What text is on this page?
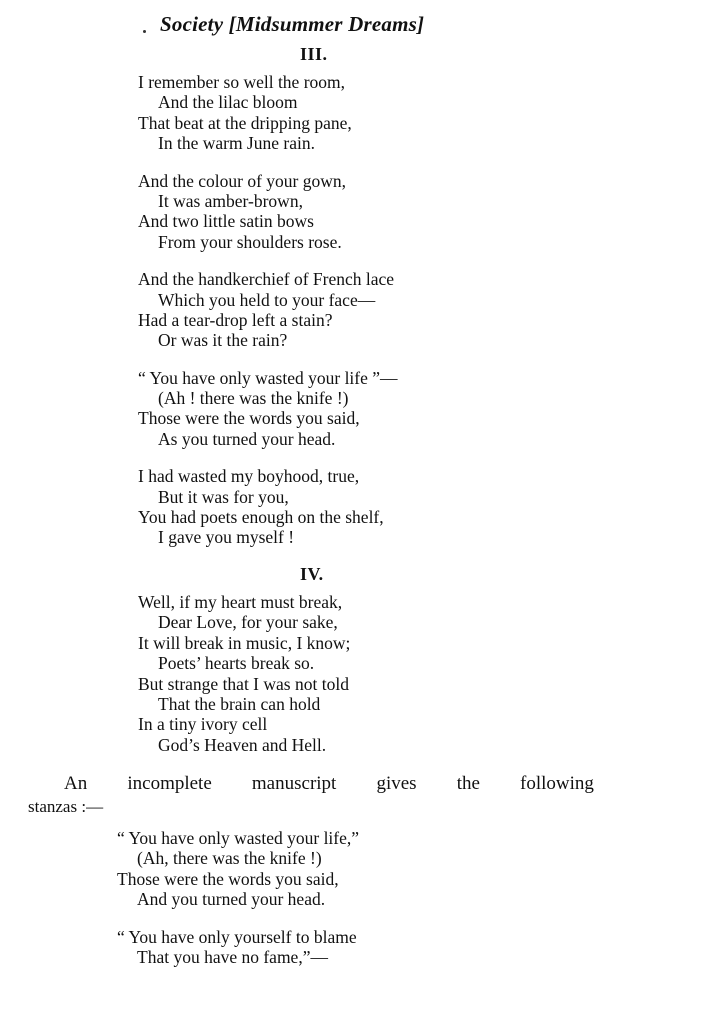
Society [Midsummer Dreams]
III.
I remember so well the room,
And the lilac bloom
That beat at the dripping pane,
In the warm June rain.
And the colour of your gown,
It was amber-brown,
And two little satin bows
From your shoulders rose.
And the handkerchief of French lace
Which you held to your face—
Had a tear-drop left a stain?
Or was it the rain?
“ You have only wasted your life ”—
(Ah ! there was the knife !)
Those were the words you said,
As you turned your head.
I had wasted my boyhood, true,
But it was for you,
You had poets enough on the shelf,
I gave you myself !
IV.
Well, if my heart must break,
Dear Love, for your sake,
It will break in music, I know;
Poets’ hearts break so.
But strange that I was not told
That the brain can hold
In a tiny ivory cell
God’s Heaven and Hell.
An incomplete manuscript gives the following
stanzas :—
“ You have only wasted your life,”
(Ah, there was the knife !)
Those were the words you said,
And you turned your head.
“ You have only yourself to blame
That you have no fame,”—
